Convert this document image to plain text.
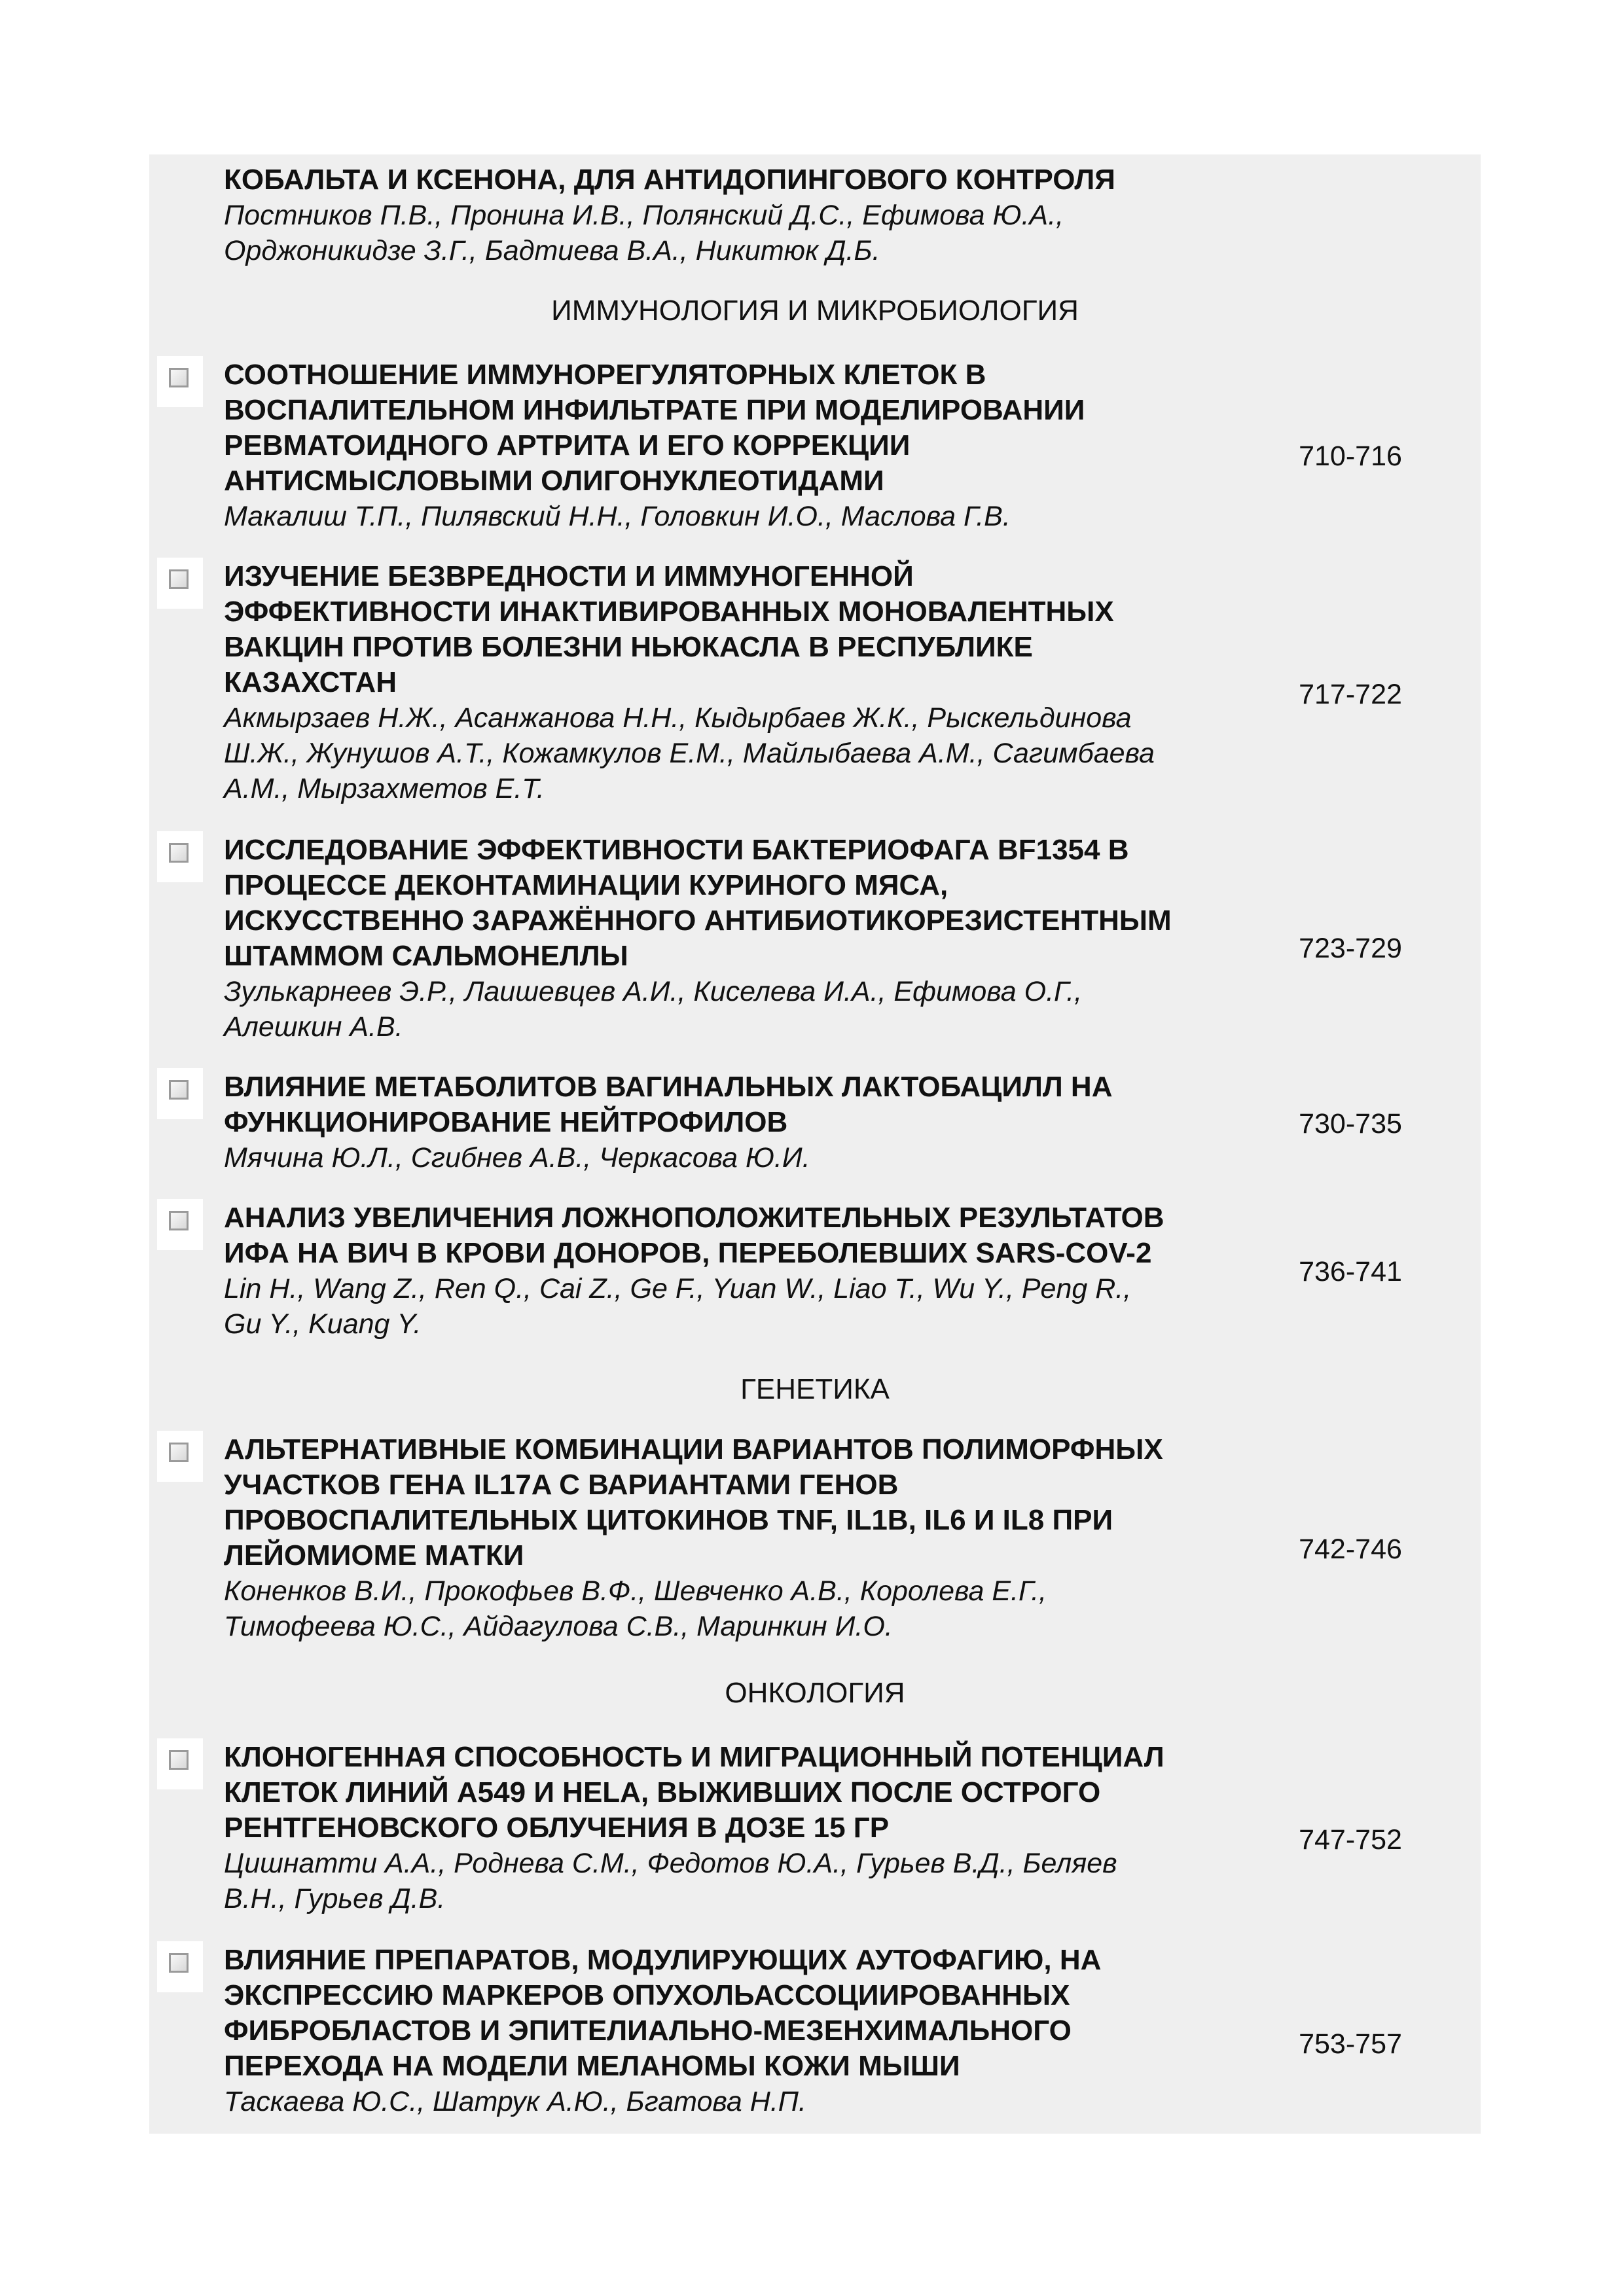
КОБАЛЬТА И КСЕНОНА, ДЛЯ АНТИДОПИНГОВОГО КОНТРОЛЯ

Постников П.В., Пронина И.В., Полянский Д.С., Ефимова Ю.А.,

Орджоникидзе З.Г., Бадтиева В.А., Никитюк Д.Б.

ИММУНОЛОГИЯ И МИКРОБИОЛОГИЯ

СООТНОШЕНИЕ ИММУНОРЕГУЛЯТОРНЫХ КЛЕТОК В

ВОСПАЛИТЕЛЬНОМ ИНФИЛЬТРАТЕ ПРИ МОДЕЛИРОВАНИИ

РЕВМАТОИДНОГО АРТРИТА И ЕГО КОРРЕКЦИИ

АНТИСМЫСЛОВЫМИ ОЛИГОНУКЛЕОТИДАМИ

Макалиш Т.П., Пилявский Н.Н., Головкин И.О., Маслова Г.В.

710-716

ИЗУЧЕНИЕ БЕЗВРЕДНОСТИ И ИММУНОГЕННОЙ

ЭФФЕКТИВНОСТИ ИНАКТИВИРОВАННЫХ МОНОВАЛЕНТНЫХ

ВАКЦИН ПРОТИВ БОЛЕЗНИ НЬЮКАСЛА В РЕСПУБЛИКЕ

КАЗАХСТАН

Акмырзаев Н.Ж., Асанжанова Н.Н., Кыдырбаев Ж.К., Рыскельдинова

Ш.Ж., Жунушов А.Т., Кожамкулов Е.М., Майлыбаева А.М., Сагимбаева

А.М., Мырзахметов Е.Т.

717-722

ИССЛЕДОВАНИЕ ЭФФЕКТИВНОСТИ БАКТЕРИОФАГА BF1354 В

ПРОЦЕССЕ ДЕКОНТАМИНАЦИИ КУРИНОГО МЯСА,

ИСКУССТВЕННО ЗАРАЖЁННОГО АНТИБИОТИКОРЕЗИСТЕНТНЫМ

ШТАММОМ САЛЬМОНЕЛЛЫ

Зулькарнеев Э.Р., Лаишевцев А.И., Киселева И.А., Ефимова О.Г.,

Алешкин А.В.

723-729

ВЛИЯНИЕ МЕТАБОЛИТОВ ВАГИНАЛЬНЫХ ЛАКТОБАЦИЛЛ НА

ФУНКЦИОНИРОВАНИЕ НЕЙТРОФИЛОВ

Мячина Ю.Л., Сгибнев А.В., Черкасова Ю.И.

730-735

АНАЛИЗ УВЕЛИЧЕНИЯ ЛОЖНОПОЛОЖИТЕЛЬНЫХ РЕЗУЛЬТАТОВ

ИФА НА ВИЧ В КРОВИ ДОНОРОВ, ПЕРЕБОЛЕВШИХ SARS-COV-2

Lin H., Wang Z., Ren Q., Cai Z., Ge F., Yuan W., Liao T., Wu Y., Peng R.,

Gu Y., Kuang Y.

736-741
ГЕНЕТИКА

АЛЬТЕРНАТИВНЫЕ КОМБИНАЦИИ ВАРИАНТОВ ПОЛИМОРФНЫХ

УЧАСТКОВ ГЕНА IL17A С ВАРИАНТАМИ ГЕНОВ

ПРОВОСПАЛИТЕЛЬНЫХ ЦИТОКИНОВ TNF, IL1B, IL6 И IL8 ПРИ

ЛЕЙОМИОМЕ МАТКИ

Коненков В.И., Прокофьев В.Ф., Шевченко А.В., Королева Е.Г.,

Тимофеева Ю.С., Айдагулова С.В., Маринкин И.О.

742-746
ОНКОЛОГИЯ

КЛОНОГЕННАЯ СПОСОБНОСТЬ И МИГРАЦИОННЫЙ ПОТЕНЦИАЛ

КЛЕТОК ЛИНИЙ А549 И HELA, ВЫЖИВШИХ ПОСЛЕ ОСТРОГО

РЕНТГЕНОВСКОГО ОБЛУЧЕНИЯ В ДОЗЕ 15 ГР

Цишнатти А.А., Роднева С.М., Федотов Ю.А., Гурьев В.Д., Беляев

В.Н., Гурьев Д.В.

747-752

ВЛИЯНИЕ ПРЕПАРАТОВ, МОДУЛИРУЮЩИХ АУТОФАГИЮ, НА

ЭКСПРЕССИЮ МАРКЕРОВ ОПУХОЛЬАССОЦИИРОВАННЫХ

ФИБРОБЛАСТОВ И ЭПИТЕЛИАЛЬНО-МЕЗЕНХИМАЛЬНОГО

ПЕРЕХОДА НА МОДЕЛИ МЕЛАНОМЫ КОЖИ МЫШИ

Таскаева Ю.С., Шатрук А.Ю., Бгатова Н.П.

753-757
